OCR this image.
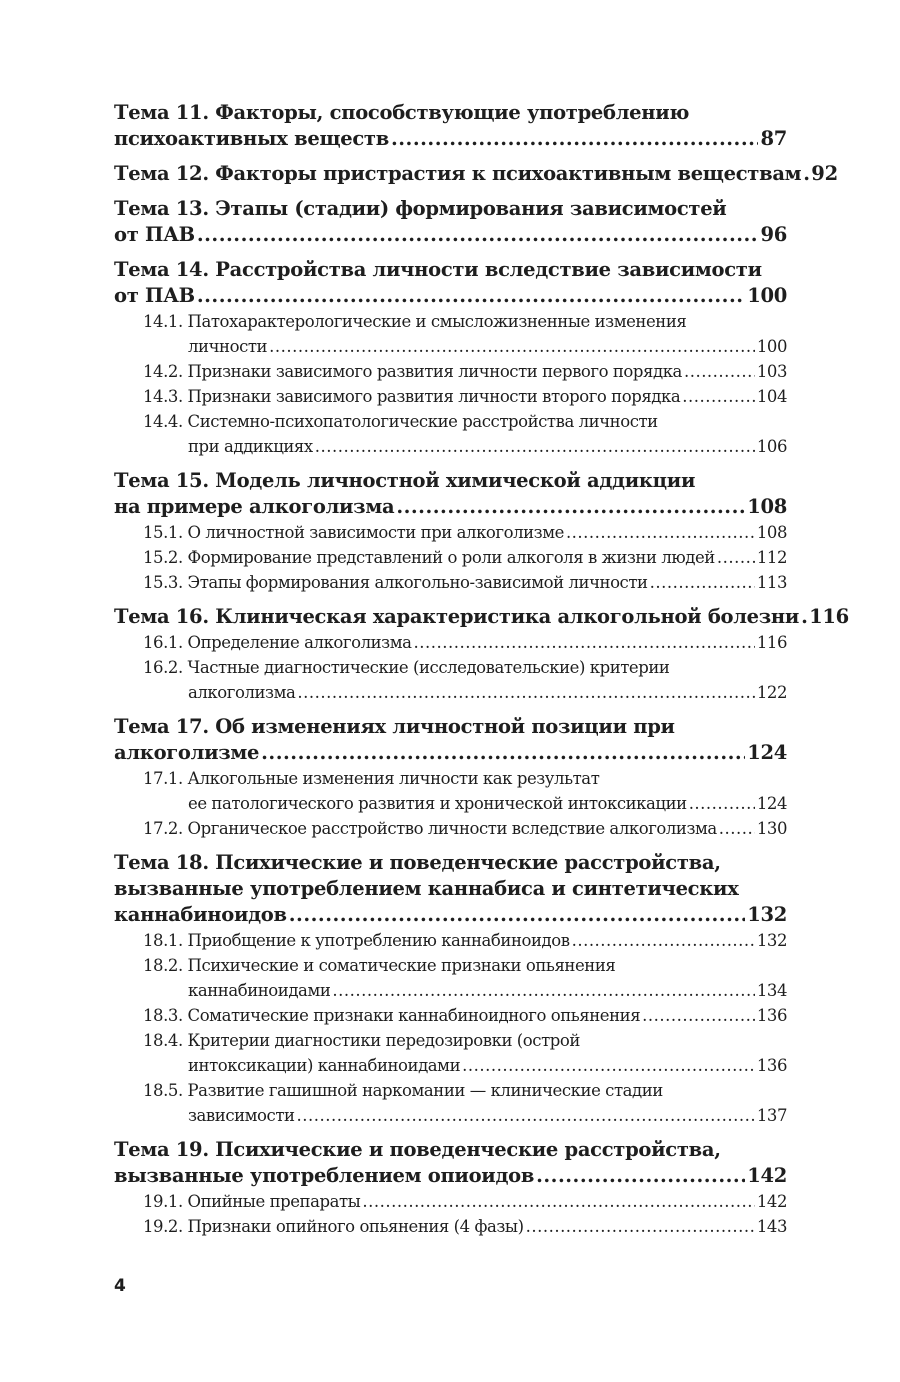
Тема 11. Факторы, способствующие употреблению
психоактивных веществ .....	87
Тема 12. Факторы пристрастия к психоактивным веществам ..... 92
Тема 13. Этапы (стадии) формирования зависимостей
от ПАВ .....	96
Тема 14. Расстройства личности вследствие зависимости
от ПАВ .....	100
14.1. Патохарактерологические и смысложизненные изменения
личности .....	100
14.2. Признаки зависимого развития личности первого порядка .....	103
14.3. Признаки зависимого развития личности второго порядка .....	104
14.4. Системно-психопатологические расстройства личности
при аддикциях .....	106
Тема 15. Модель личностной химической аддикции
на примере алкоголизма .....	108
15.1. О личностной зависимости при алкоголизме .....	108
15.2. Формирование представлений о роли алкоголя в жизни людей .....	112
15.3. Этапы формирования алкогольно-зависимой личности .....	113
Тема 16. Клиническая характеристика алкогольной болезни ..... 116
16.1. Определение алкоголизма .....	116
16.2. Частные диагностические (исследовательские) критерии
алкоголизма .....	122
Тема 17. Об изменениях личностной позиции при
алкоголизме .....	124
17.1. Алкогольные изменения личности как результат
ее патологического развития и хронической интоксикации .....	124
17.2. Органическое расстройство личности вследствие алкоголизма ..... 130
Тема 18. Психические и поведенческие расстройства,
вызванные употреблением каннабиса и синтетических
каннабиноидов .....	132
18.1. Приобщение к употреблению каннабиноидов .....	132
18.2. Психические и соматические признаки опьянения
каннабиноидами .....	134
18.3. Соматические признаки каннабиноидного опьянения .....	136
18.4. Критерии диагностики передозировки (острой
интоксикации) каннабиноидами .....	136
18.5. Развитие гашишной наркомании — клинические стадии
зависимости .....	137
Тема 19. Психические и поведенческие расстройства,
вызванные употреблением опиоидов .....	142
19.1. Опийные препараты .....	142
19.2. Признаки опийного опьянения (4 фазы) .....	143
4
